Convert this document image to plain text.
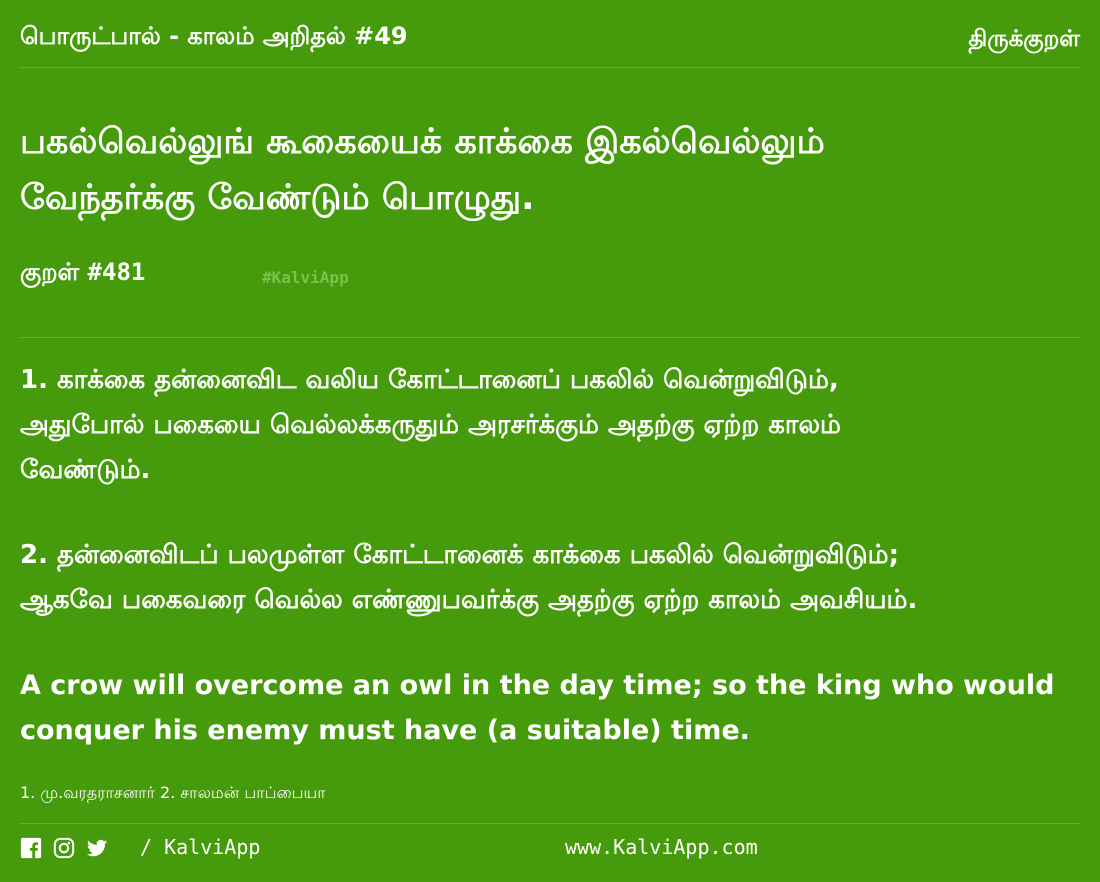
பொருட்பால் - காலம் அறிதல் #49	திருக்குறள்
பகல்வெல்லுங் கூகையைக் காக்கை இகல்வெல்லும்
வேந்தர்க்கு வேண்டும் பொழுது.
குறள் #481	#KalviApp
1. காக்கை தன்னைவிட வலிய கோட்டானைப் பகலில் வென்றுவிடும்,
அதுபோல் பகையை வெல்லக்கருதும் அரசர்க்கும் அதற்கு ஏற்ற காலம்
வேண்டும்.
2. தன்னைவிடப் பலமுள்ள கோட்டானைக் காக்கை பகலில் வென்றுவிடும்;
ஆகவே பகைவரை வெல்ல எண்ணுபவர்க்கு அதற்கு ஏற்ற காலம் அவசியம்.
A crow will overcome an owl in the day time; so the king who would
conquer his enemy must have (a suitable) time.
1. மு.வரதராசனார் 2. சாலமன் பாப்பையா
/ KalviApp	www.KalviApp.com
